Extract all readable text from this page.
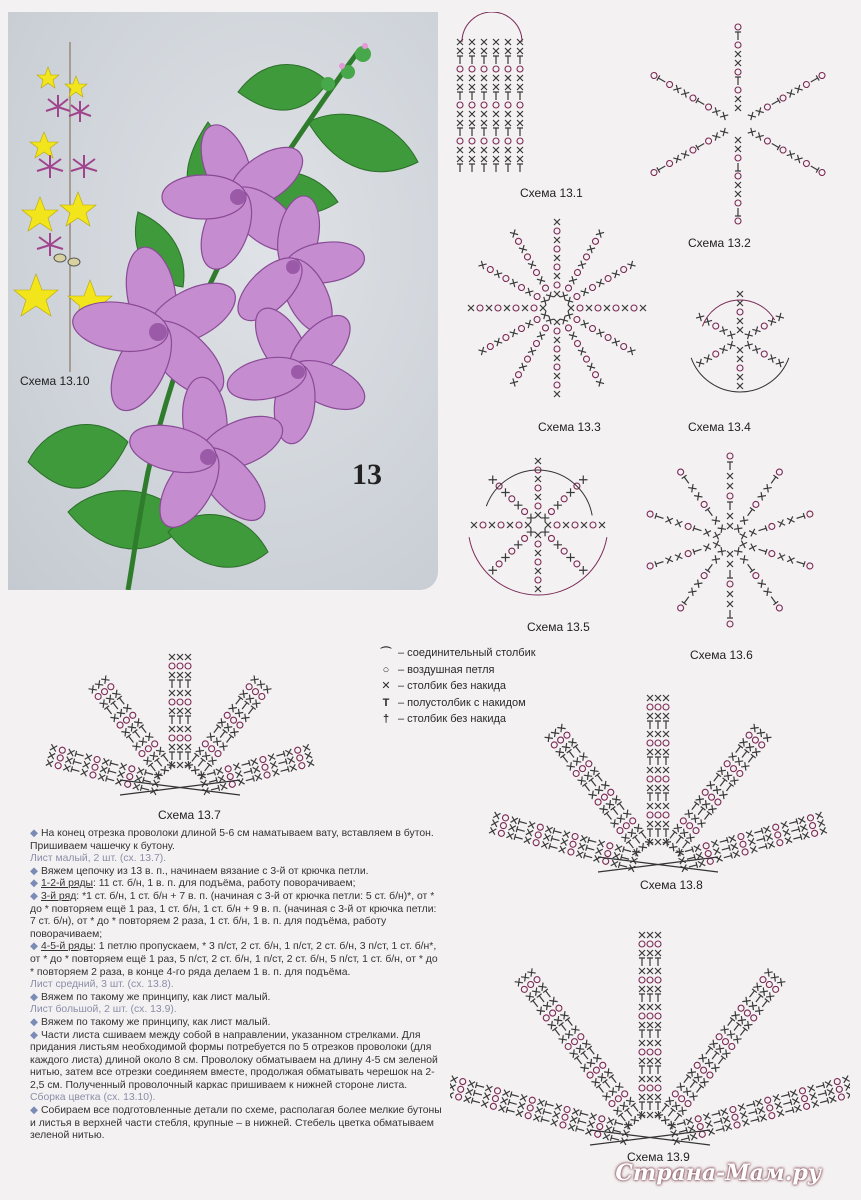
Схема 13.10
13
Схема 13.1
Схема 13.2
Схема 13.3	Схема 13.4
Схема 13.5
Схема 13.6
⌒ – соединительный столбик
○ – воздушная петля
✕ – столбик без накида
T – полустолбик с накидом
† – столбик без накида
Схема 13.7
Схема 13.8
Схема 13.9

◆ На конец отрезка проволоки длиной 5-6 см наматываем вату, вставляем в бутон. Пришиваем чашечку к бутону.

Лист малый, 2 шт. (сх. 13.7).

◆ Вяжем цепочку из 13 в. п., начинаем вязание с 3-й от крючка петли.

◆ 1-2-й ряды: 11 ст. б/н, 1 в. п. для подъёма, работу поворачиваем;

◆ 3-й ряд: *1 ст. б/н, 1 ст. б/н + 7 в. п. (начиная с 3-й от крючка петли: 5 ст. б/н)*, от * до * повторяем ещё 1 раз, 1 ст. б/н, 1 ст. б/н + 9 в. п. (начиная с 3-й от крючка петли: 7 ст. б/н), от * до * повторяем 2 раза, 1 ст. б/н, 1 в. п. для подъёма, работу поворачиваем;

◆ 4-5-й ряды: 1 петлю пропускаем, * 3 п/ст, 2 ст. б/н, 1 п/ст, 2 ст. б/н, 3 п/ст, 1 ст. б/н*, от * до * повторяем ещё 1 раз, 5 п/ст, 2 ст. б/н, 1 п/ст, 2 ст. б/н, 5 п/ст, 1 ст. б/н, от * до * повторяем 2 раза, в конце 4-го ряда делаем 1 в. п. для подъёма.

Лист средний, 3 шт. (сх. 13.8).

◆ Вяжем по такому же принципу, как лист малый.

Лист большой, 2 шт. (сх. 13.9).

◆ Вяжем по такому же принципу, как лист малый.

◆ Части листа сшиваем между собой в направлении, указанном стрелками. Для придания листьям необходимой формы потребуется по 5 отрезков проволоки (для каждого листа) длиной около 8 см. Проволоку обматываем на длину 4-5 см зеленой нитью, затем все отрезки соединяем вместе, продолжая обматывать черешок на 2-2,5 см. Полученный проволочный каркас пришиваем к нижней стороне листа.

Сборка цветка (сх. 13.10).

◆ Собираем все подготовленные детали по схеме, располагая более мелкие бутоны и листья в верхней части стебля, крупные – в нижней. Стебель цветка обматываем зеленой нитью.

Страна-Мам.ру
